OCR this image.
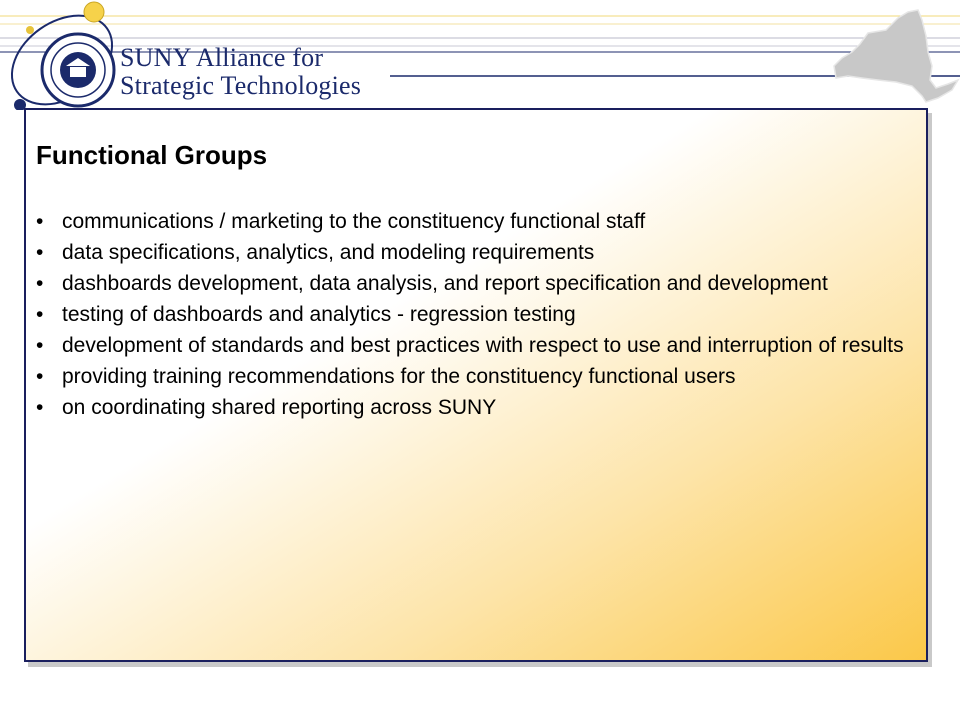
SUNY Alliance for
Strategic Technologies
Functional Groups
• communications / marketing to the constituency functional staff
• data specifications, analytics, and modeling requirements
• dashboards development, data analysis, and report specification and development
• testing of dashboards and analytics - regression testing
• development of standards and best practices with respect to use and interruption of results
• providing training recommendations for the constituency functional users
• on coordinating shared reporting across SUNY
